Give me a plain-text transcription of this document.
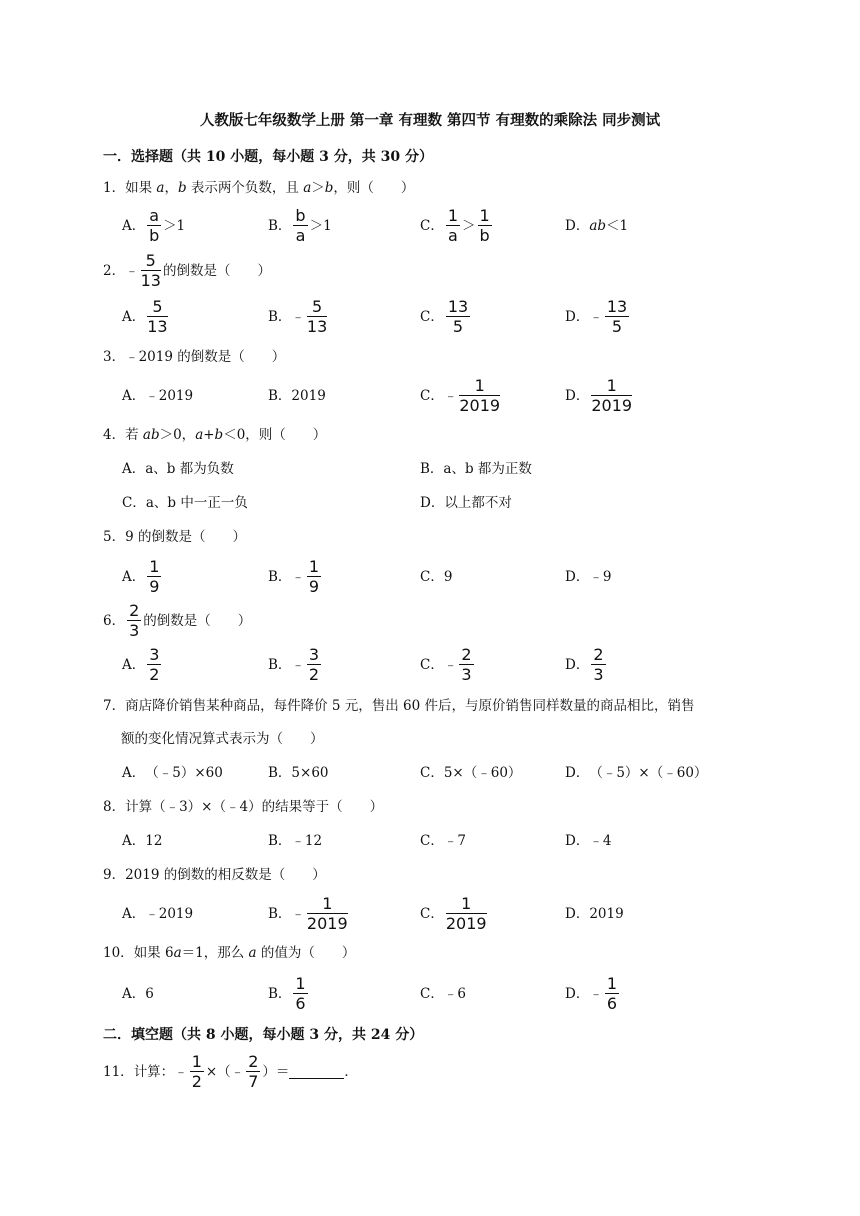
人教版七年级数学上册 第一章 有理数 第四节 有理数的乘除法 同步测试
一．选择题（共 10 小题，每小题 3 分，共 30 分）
1．如果 a，b 表示两个负数，且 a＞b，则（　　）
A． $\frac{a}{b} >1$	B． $\frac{b}{a} >1$	C． $\frac{1}{a} > \frac{1}{b}$	D． ab ＜1
2． ﹣ $\frac{5}{13}$ 的倒数是（　　）
A． $\frac{5}{13}$	B． ﹣ $\frac{5}{13}$	C． $\frac{13}{5}$	D． ﹣ $\frac{13}{5}$
3．﹣2019 的倒数是（　　）
A． ﹣2019	B． 2019	C． ﹣ $\frac{1}{2019}$	D． $\frac{1}{2019}$
4．若 ab＞0，a+b＜0，则（　　）
A． a、b 都为负数	B． a、b 都为正数
C． a、b 中一正一负	D． 以上都不对
5．9 的倒数是（　　）
A． $\frac{1}{9}$	B． ﹣ $\frac{1}{9}$	C． 9	D． ﹣9
6． $\frac{2}{3}$ 的倒数是（　　）
A． $\frac{3}{2}$	B． ﹣ $\frac{3}{2}$	C． ﹣ $\frac{2}{3}$	D． $\frac{2}{3}$
7．商店降价销售某种商品，每件降价 5 元，售出 60 件后，与原价销售同样数量的商品相比，销售
额的变化情况算式表示为（　　）
A． （﹣5）×60	B． 5×60	C． 5×（﹣60）	D． （﹣5）×（﹣60）
8．计算（﹣3）×（﹣4）的结果等于（　　）
A． 12	B． ﹣12	C． ﹣7	D． ﹣4
9．2019 的倒数的相反数是（　　）
A． ﹣2019	B． ﹣ $\frac{1}{2019}$	C． $\frac{1}{2019}$	D． 2019
10．如果 6a＝1，那么 a 的值为（　　）
A． 6	B． $\frac{1}{6}$	C． ﹣6	D． ﹣ $\frac{1}{6}$
二．填空题（共 8 小题，每小题 3 分，共 24 分）
11． 计算： ﹣ $\frac{1}{2}$ ×（ ﹣ $\frac{2}{7}$ ）＝	．
